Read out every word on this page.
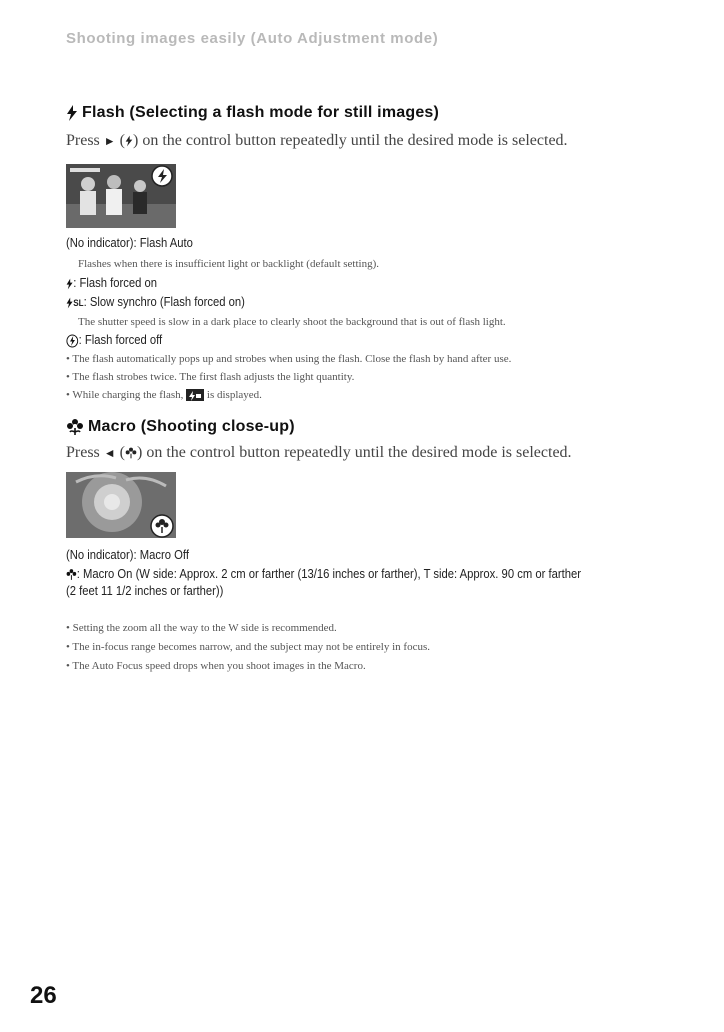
Shooting images easily (Auto Adjustment mode)
Flash (Selecting a flash mode for still images)
Press ► ( ) on the control button repeatedly until the desired mode is selected.
(No indicator): Flash Auto
Flashes when there is insufficient light or backlight (default setting).
: Flash forced on
SL: Slow synchro (Flash forced on)
The shutter speed is slow in a dark place to clearly shoot the background that is out of flash light.
: Flash forced off
• The flash automatically pops up and strobes when using the flash. Close the flash by hand after use.
• The flash strobes twice. The first flash adjusts the light quantity.
• While charging the flash, is displayed.
Macro (Shooting close-up)
Press ◄ ( ) on the control button repeatedly until the desired mode is selected.
(No indicator): Macro Off
: Macro On (W side: Approx. 2 cm or farther (13/16 inches or farther), T side: Approx. 90 cm or farther
(2 feet 11 1/2 inches or farther))
• Setting the zoom all the way to the W side is recommended.
• The in-focus range becomes narrow, and the subject may not be entirely in focus.
• The Auto Focus speed drops when you shoot images in the Macro.
26
